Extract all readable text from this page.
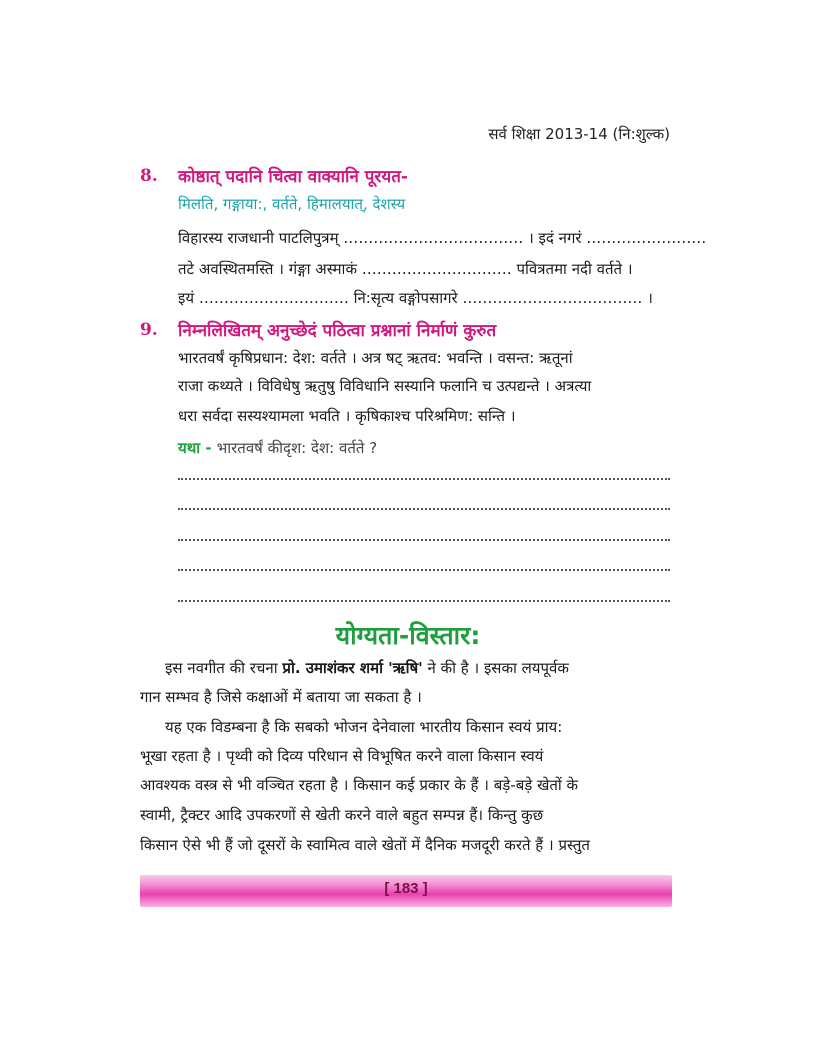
सर्व शिक्षा 2013-14 (नि:शुल्क)
8. कोष्ठात् पदानि चित्वा वाक्यानि पूरयत-
मिलति, गङ्गाया:, वर्तते, हिमालयात्, देशस्य
विहारस्य राजधानी पाटलिपुत्रम् ……………………………… । इदं नगरं ……………………
तटे अवस्थितमस्ति । गंङ्गा अस्माकं ………………………… पवित्रतमा नदी वर्तते ।
इयं ………………………… नि:सृत्य वङ्गोपसागरे ……………………………… ।
9. निम्नलिखितम् अनुच्छेदं पठित्वा प्रश्नानां निर्माणं कुरुत
भारतवर्षं कृषिप्रधान: देश: वर्तते । अत्र षट् ऋतव: भवन्ति । वसन्त: ऋतूनां
राजा कथ्यते । विविधेषु ऋतुषु विविधानि सस्यानि फलानि च उत्पद्यन्ते । अत्रत्या
धरा सर्वदा सस्यश्यामला भवति । कृषिकाश्च परिश्रमिण: सन्ति ।
यथा - भारतवर्षं कीदृश: देश: वर्तते ?
योग्यता-विस्तार:
इस नवगीत की रचना प्रो. उमाशंकर शर्मा 'ऋषि' ने की है । इसका लयपूर्वक
गान सम्भव है जिसे कक्षाओं में बताया जा सकता है ।
यह एक विडम्बना है कि सबको भोजन देनेवाला भारतीय किसान स्वयं प्राय:
भूखा रहता है । पृथ्वी को दिव्य परिधान से विभूषित करने वाला किसान स्वयं
आवश्यक वस्त्र से भी वञ्चित रहता है । किसान कई प्रकार के हैं । बड़े-बड़े खेतों के
स्वामी, ट्रैक्टर आदि उपकरणों से खेती करने वाले बहुत सम्पन्न हैं। किन्तु कुछ
किसान ऐसे भी हैं जो दूसरों के स्वामित्व वाले खेतों में दैनिक मजदूरी करते हैं । प्रस्तुत
[ 183 ]
